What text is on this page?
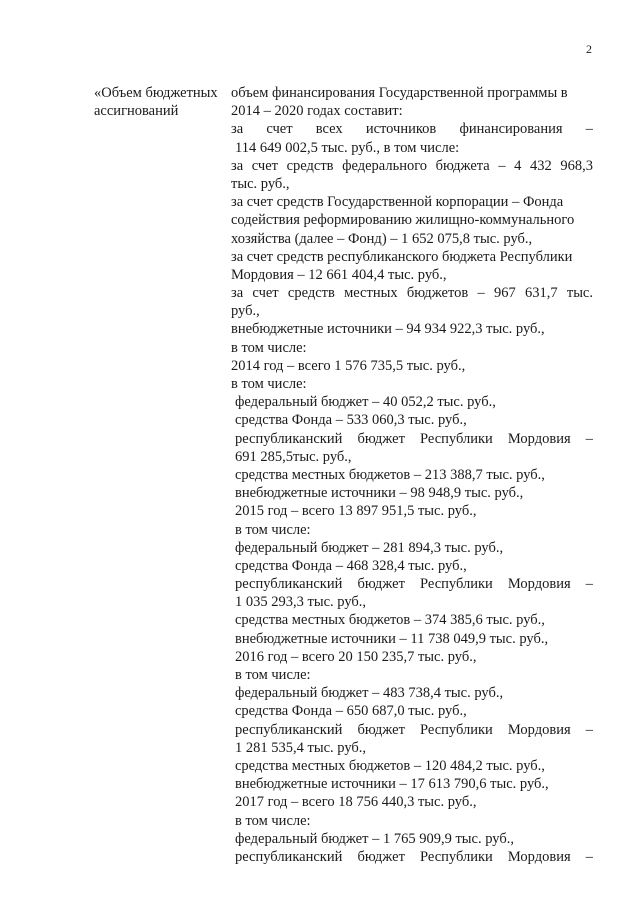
2
«Объем бюджетных
ассигнований
объем финансирования Государственной программы в
2014 – 2020 годах составит:
за счет всех источников финансирования –
114 649 002,5 тыс. руб., в том числе:
за счет средств федерального бюджета – 4 432 968,3
тыс. руб.,
за счет средств Государственной корпорации – Фонда
содействия реформированию жилищно-коммунального
хозяйства (далее – Фонд) – 1 652 075,8 тыс. руб.,
за счет средств республиканского бюджета Республики
Мордовия – 12 661 404,4 тыс. руб.,
за счет средств местных бюджетов – 967 631,7 тыс.
руб.,
внебюджетные источники – 94 934 922,3 тыс. руб.,
в том числе:
2014 год – всего 1 576 735,5 тыс. руб.,
в том числе:
федеральный бюджет – 40 052,2 тыс. руб.,
средства Фонда – 533 060,3 тыс. руб.,
республиканский бюджет Республики Мордовия –
691 285,5тыс. руб.,
средства местных бюджетов – 213 388,7 тыс. руб.,
внебюджетные источники – 98 948,9 тыс. руб.,
2015 год – всего 13 897 951,5 тыс. руб.,
в том числе:
федеральный бюджет – 281 894,3 тыс. руб.,
средства Фонда – 468 328,4 тыс. руб.,
республиканский бюджет Республики Мордовия –
1 035 293,3 тыс. руб.,
средства местных бюджетов – 374 385,6 тыс. руб.,
внебюджетные источники – 11 738 049,9 тыс. руб.,
2016 год – всего 20 150 235,7 тыс. руб.,
в том числе:
федеральный бюджет – 483 738,4 тыс. руб.,
средства Фонда – 650 687,0 тыс. руб.,
республиканский бюджет Республики Мордовия –
1 281 535,4 тыс. руб.,
средства местных бюджетов – 120 484,2 тыс. руб.,
внебюджетные источники – 17 613 790,6 тыс. руб.,
2017 год – всего 18 756 440,3 тыс. руб.,
в том числе:
федеральный бюджет – 1 765 909,9 тыс. руб.,
республиканский бюджет Республики Мордовия –
